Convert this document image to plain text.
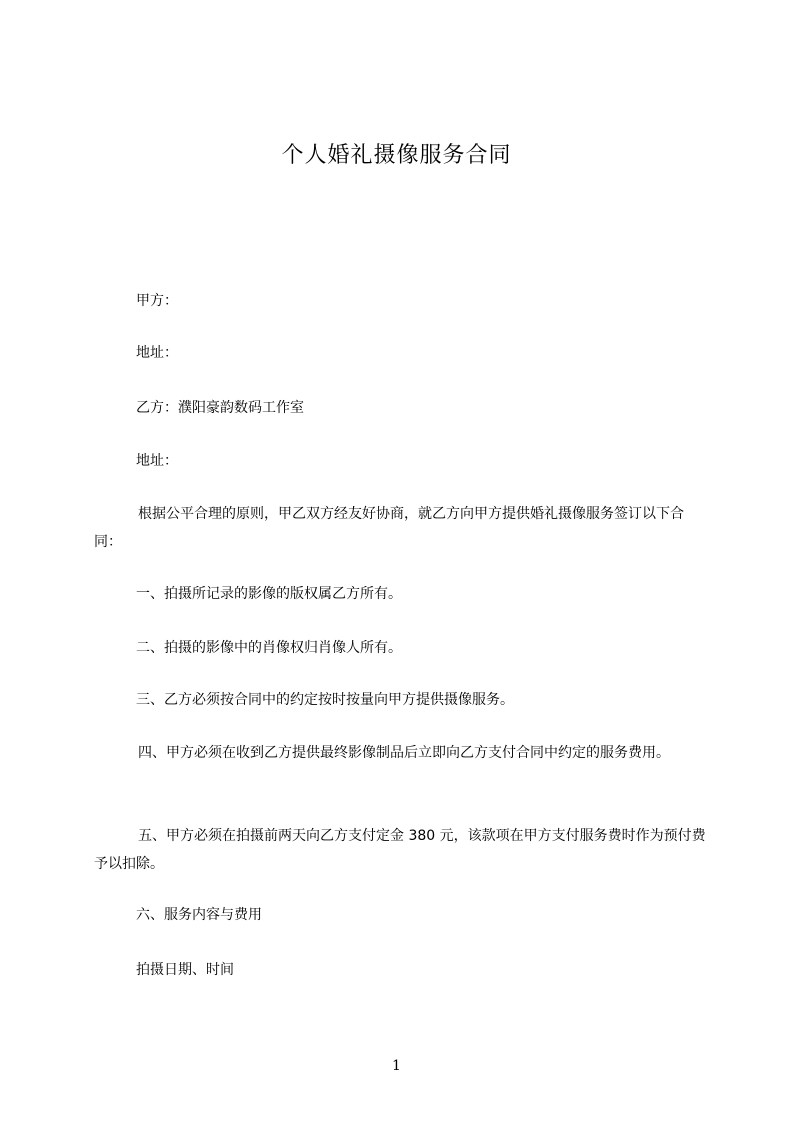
个人婚礼摄像服务合同
甲方：
地址：
乙方：濮阳豪韵数码工作室
地址：
根据公平合理的原则，甲乙双方经友好协商，就乙方向甲方提供婚礼摄像服务签订以下合同：
一、拍摄所记录的影像的版权属乙方所有。
二、拍摄的影像中的肖像权归肖像人所有。
三、乙方必须按合同中的约定按时按量向甲方提供摄像服务。
四、甲方必须在收到乙方提供最终影像制品后立即向乙方支付合同中约定的服务费用。
五、甲方必须在拍摄前两天向乙方支付定金 380 元，该款项在甲方支付服务费时作为预付费予以扣除。
六、服务内容与费用
拍摄日期、时间
1
